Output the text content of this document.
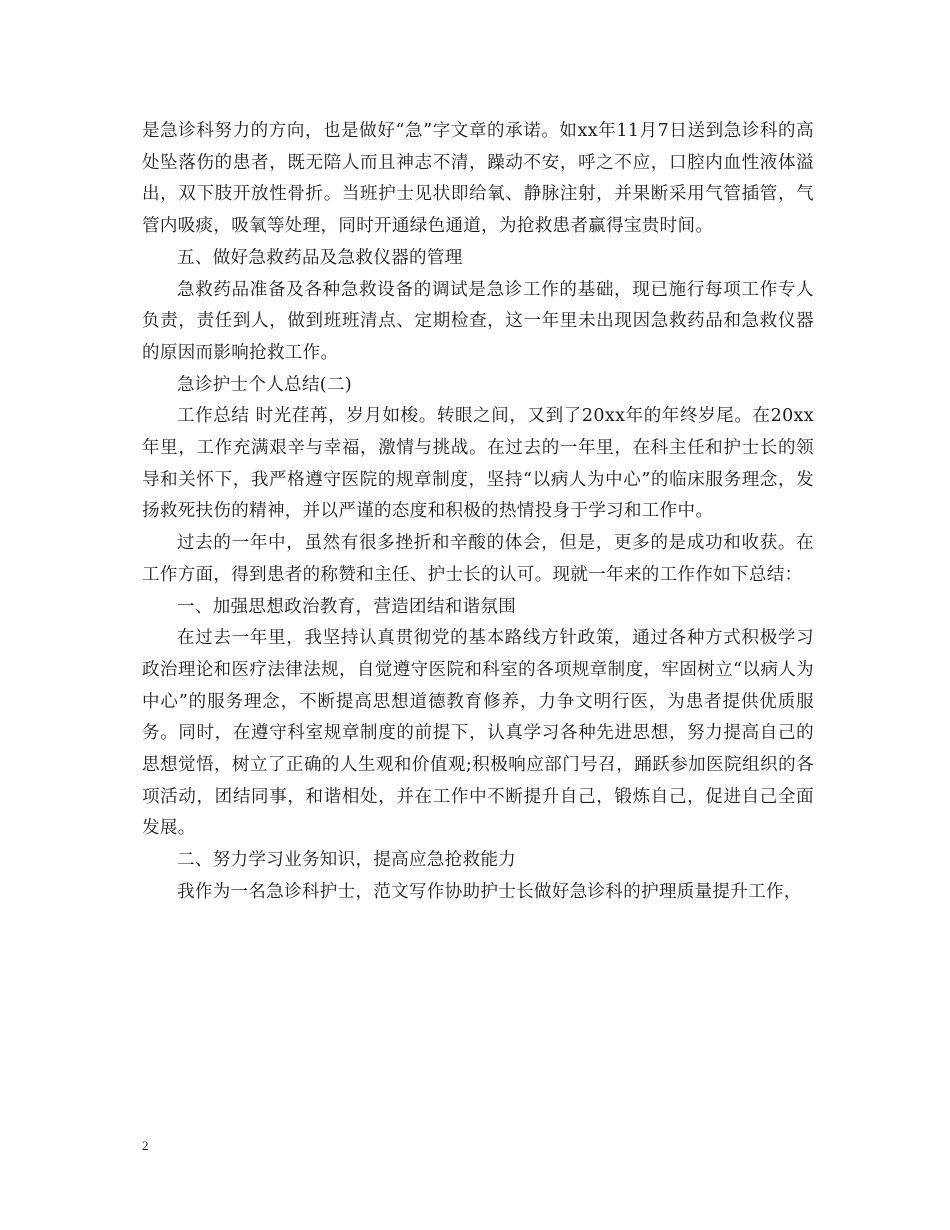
是急诊科努力的方向，也是做好“急”字文章的承诺。如xx年11月7日送到急诊科的高处坠落伤的患者，既无陪人而且神志不清，躁动不安，呼之不应，口腔内血性液体溢出，双下肢开放性骨折。当班护士见状即给氧、静脉注射，并果断采用气管插管，气管内吸痰，吸氧等处理，同时开通绿色通道，为抢救患者赢得宝贵时间。

五、做好急救药品及急救仪器的管理

急救药品准备及各种急救设备的调试是急诊工作的基础，现已施行每项工作专人负责，责任到人，做到班班清点、定期检查，这一年里未出现因急救药品和急救仪器的原因而影响抢救工作。

急诊护士个人总结(二)

工作总结 时光荏苒，岁月如梭。转眼之间，又到了20xx年的年终岁尾。在20xx年里，工作充满艰辛与幸福，激情与挑战。在过去的一年里，在科主任和护士长的领导和关怀下，我严格遵守医院的规章制度，坚持“以病人为中心”的临床服务理念，发扬救死扶伤的精神，并以严谨的态度和积极的热情投身于学习和工作中。

过去的一年中，虽然有很多挫折和辛酸的体会，但是，更多的是成功和收获。在工作方面，得到患者的称赞和主任、护士长的认可。现就一年来的工作作如下总结：

一、加强思想政治教育，营造团结和谐氛围

在过去一年里，我坚持认真贯彻党的基本路线方针政策，通过各种方式积极学习政治理论和医疗法律法规，自觉遵守医院和科室的各项规章制度，牢固树立“以病人为中心”的服务理念，不断提高思想道德教育修养，力争文明行医，为患者提供优质服务。同时，在遵守科室规章制度的前提下，认真学习各种先进思想，努力提高自己的思想觉悟，树立了正确的人生观和价值观;积极响应部门号召，踊跃参加医院组织的各项活动，团结同事，和谐相处，并在工作中不断提升自己，锻炼自己，促进自己全面发展。

二、努力学习业务知识，提高应急抢救能力

我作为一名急诊科护士，范文写作协助护士长做好急诊科的护理质量提升工作，

2
